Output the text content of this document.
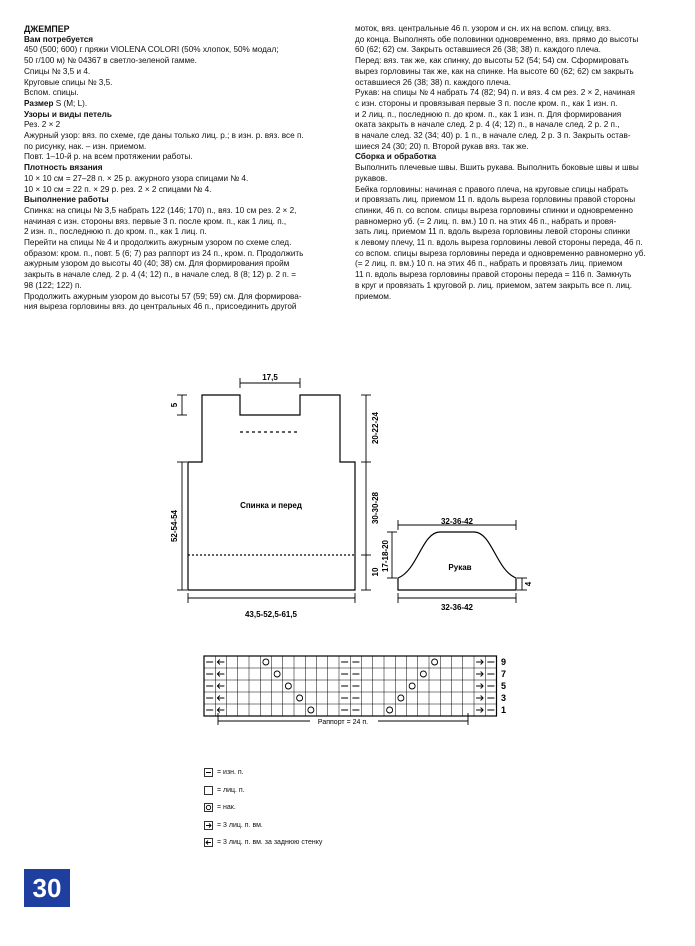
ДЖЕМПЕР

Вам потребуется

450 (500; 600) г пряжи VIOLENA COLORI (50% хлопок, 50% модал;

50 г/100 м) № 04367 в светло-зеленой гамме.

Спицы № 3,5 и 4.

Круговые спицы № 3,5.

Вспом. спицы.

Размер S (M; L).

Узоры и виды петель

Рез. 2 × 2

Ажурный узор: вяз. по схеме, где даны только лиц. р.; в изн. р. вяз. все п.

по рисунку, нак. – изн. приемом.

Повт. 1–10-й р. на всем протяжении работы.

Плотность вязания

10 × 10 см = 27–28 п. × 25 р. ажурного узора спицами № 4.

10 × 10 см = 22 п. × 29 р. рез. 2 × 2 спицами № 4.

Выполнение работы

Спинка: на спицы № 3,5 набрать 122 (146; 170) п., вяз. 10 см рез. 2 × 2,

начиная с изн. стороны вяз. первые 3 п. после кром. п., как 1 лиц. п.,

2 изн. п., последнюю п. до кром. п., как 1 лиц. п.

Перейти на спицы № 4 и продолжить ажурным узором по схеме след.

образом: кром. п., повт. 5 (6; 7) раз раппорт из 24 п., кром. п. Продолжить

ажурным узором до высоты 40 (40; 38) см. Для формирования пройм

закрыть в начале след. 2 р. 4 (4; 12) п., в начале след. 8 (8; 12) р. 2 п. =

98 (122; 122) п.

Продолжить ажурным узором до высоты 57 (59; 59) см. Для формирова-

ния выреза горловины вяз. до центральных 46 п., присоединить другой

моток, вяз. центральные 46 п. узором и сн. их на вспом. спицу, вяз.

до конца. Выполнять обе половинки одновременно, вяз. прямо до высоты

60 (62; 62) см. Закрыть оставшиеся 26 (38; 38) п. каждого плеча.

Перед: вяз. так же, как спинку, до высоты 52 (54; 54) см. Сформировать

вырез горловины так же, как на спинке. На высоте 60 (62; 62) см закрыть

оставшиеся 26 (38; 38) п. каждого плеча.

Рукав: на спицы № 4 набрать 74 (82; 94) п. и вяз. 4 см рез. 2 × 2, начиная

с изн. стороны и провязывая первые 3 п. после кром. п., как 1 изн. п.

и 2 лиц. п., последнюю п. до кром. п., как 1 изн. п. Для формирования

оката закрыть в начале след. 2 р. 4 (4; 12) п., в начале след. 2 р. 2 п.,

в начале след. 32 (34; 40) р. 1 п., в начале след. 2 р. 3 п. Закрыть остав-

шиеся 24 (30; 20) п. Второй рукав вяз. так же.

Сборка и обработка

Выполнить плечевые швы. Вшить рукава. Выполнить боковые швы и швы

рукавов.

Бейка горловины: начиная с правого плеча, на круговые спицы набрать

и провязать лиц. приемом 11 п. вдоль выреза горловины правой стороны

спинки, 46 п. со вспом. спицы выреза горловины спинки и одновременно

равномерно уб. (= 2 лиц. п. вм.) 10 п. на этих 46 п., набрать и провя-

зать лиц. приемом 11 п. вдоль выреза горловины левой стороны спинки

к левому плечу, 11 п. вдоль выреза горловины левой стороны переда, 46 п.

со вспом. спицы выреза горловины переда и одновременно равномерно уб.

(= 2 лиц. п. вм.) 10 п. на этих 46 п., набрать и провязать лиц. приемом

11 п. вдоль выреза горловины правой стороны переда = 116 п. Замкнуть

в круг и провязать 1 круговой р. лиц. приемом, затем закрыть все п. лиц.

приемом.

17,5
43,5-52,5-61,5
Спинка и перед
5
52-54-54
20-22-24
30-30-28
10
32-36-42
32-36-42
Рукав
17-18-20
4
9
7
5
3
1
Раппорт = 24 п.
= изн. п.
= лиц. п.
= нак.
= 3 лиц. п. вм.
= 3 лиц. п. вм. за заднюю стенку
30
